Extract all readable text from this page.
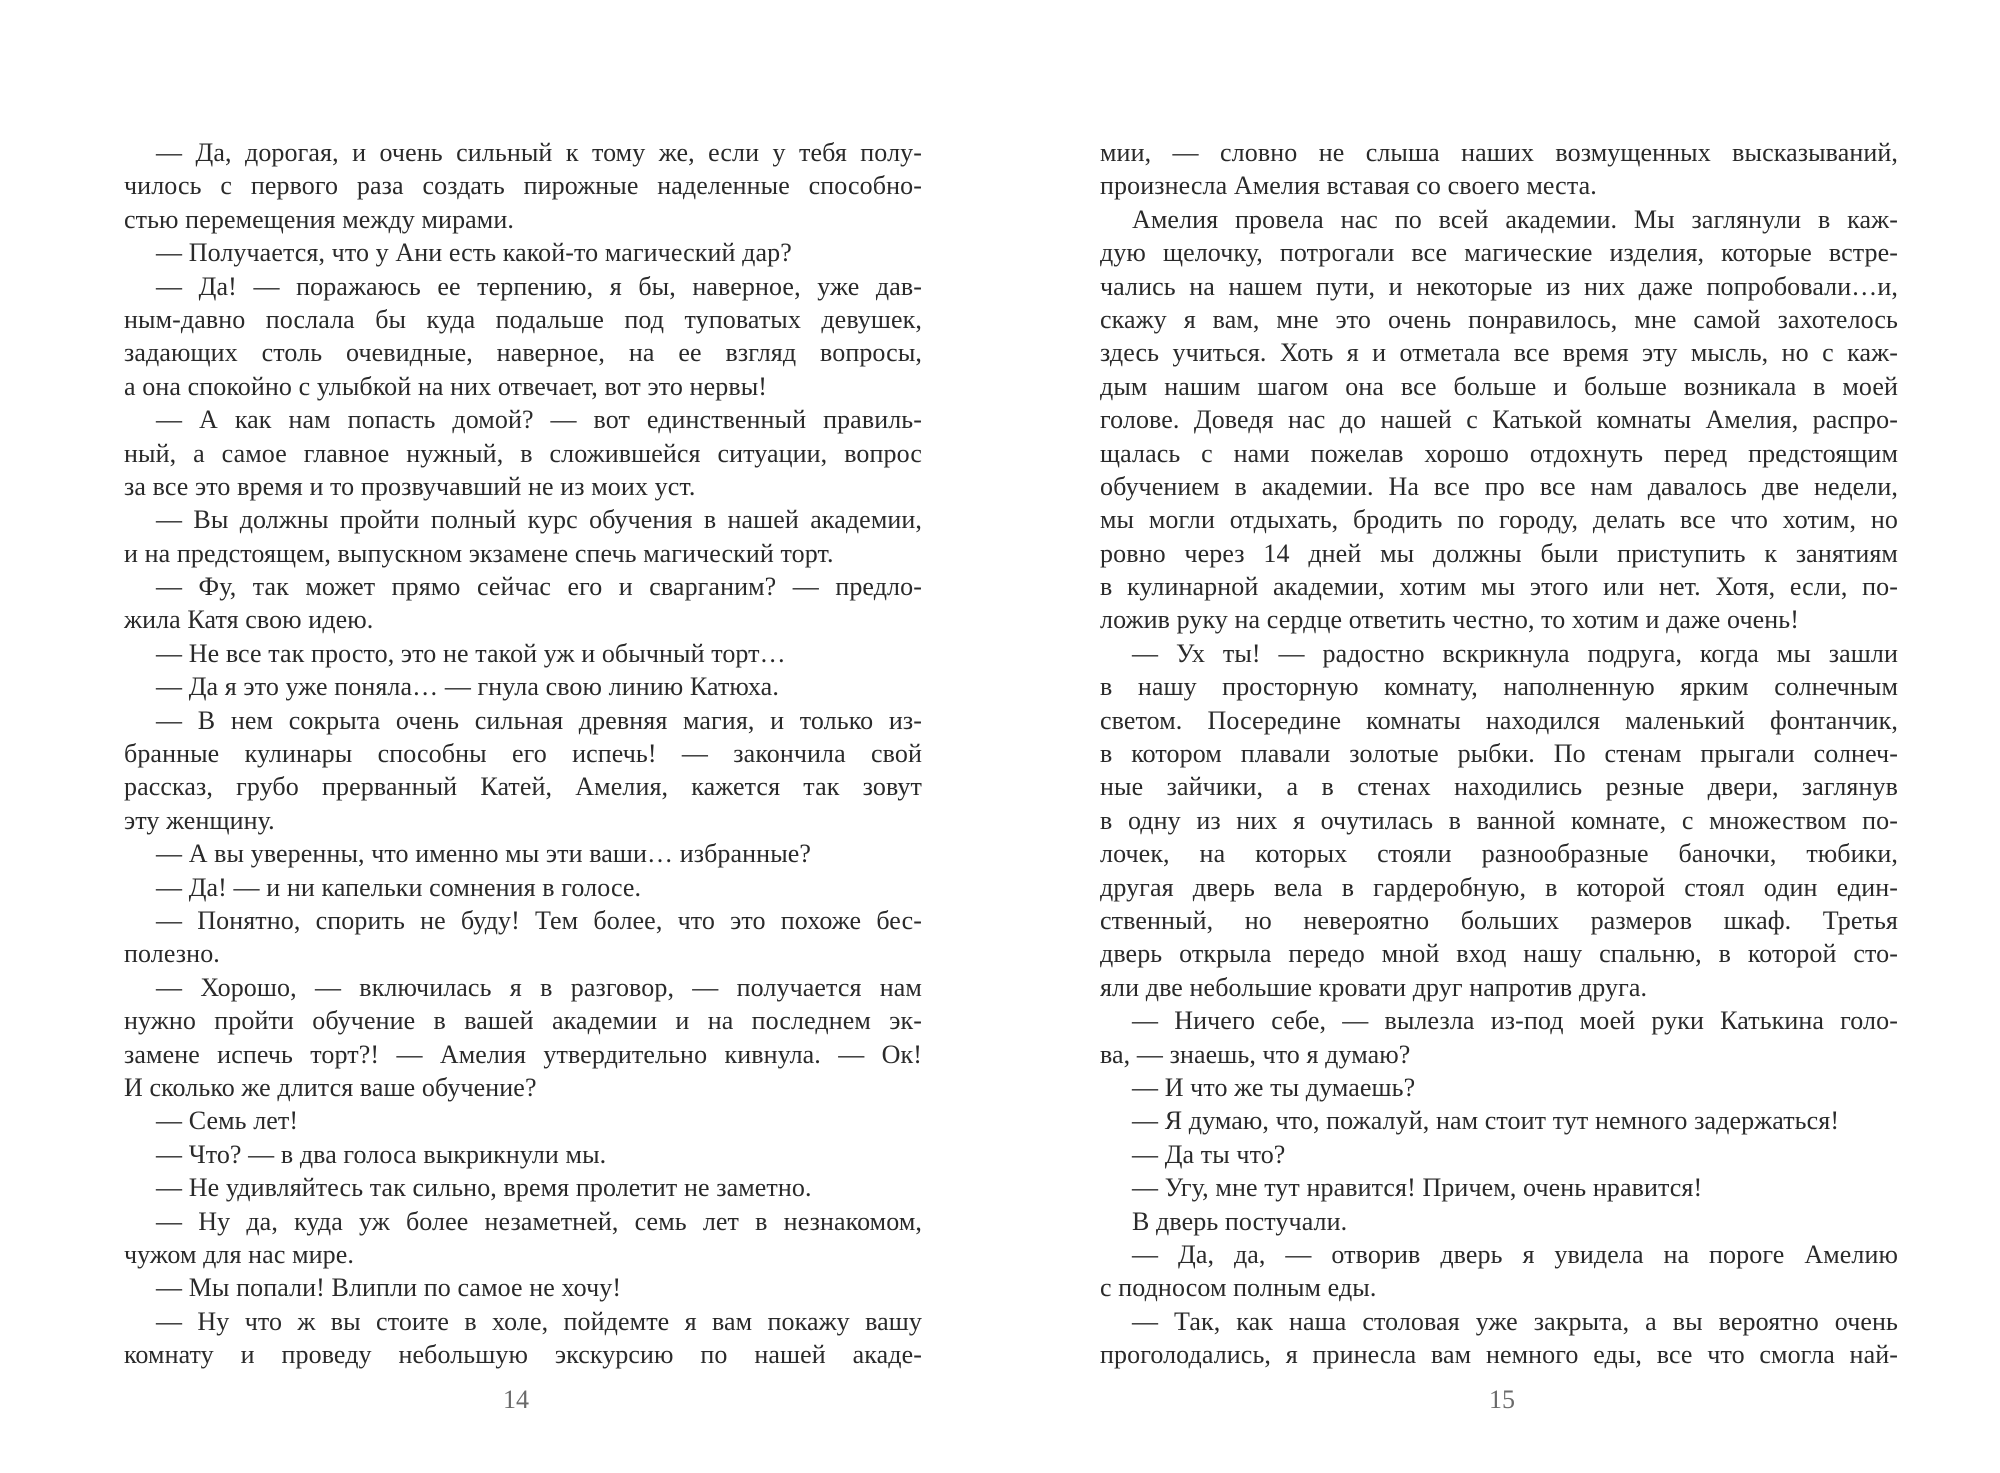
— Да, дорогая, и очень сильный к тому же, если у тебя полу-
чилось с первого раза создать пирожные наделенные способно-
стью перемещения между мирами.
— Получается, что у Ани есть какой-то магический дар?
— Да! — поражаюсь ее терпению, я бы, наверное, уже дав-
ным-давно послала бы куда подальше под туповатых девушек,
задающих столь очевидные, наверное, на ее взгляд вопросы,
а она спокойно с улыбкой на них отвечает, вот это нервы!
— А как нам попасть домой? — вот единственный правиль-
ный, а самое главное нужный, в сложившейся ситуации, вопрос
за все это время и то прозвучавший не из моих уст.
— Вы должны пройти полный курс обучения в нашей академии,
и на предстоящем, выпускном экзамене спечь магический торт.
— Фу, так может прямо сейчас его и сварганим? — предло-
жила Катя свою идею.
— Не все так просто, это не такой уж и обычный торт…
— Да я это уже поняла… — гнула свою линию Катюха.
— В нем сокрыта очень сильная древняя магия, и только из-
бранные кулинары способны его испечь! — закончила свой
рассказ, грубо прерванный Катей, Амелия, кажется так зовут
эту женщину.
— А вы уверенны, что именно мы эти ваши… избранные?
— Да! — и ни капельки сомнения в голосе.
— Понятно, спорить не буду! Тем более, что это похоже бес-
полезно.
— Хорошо, — включилась я в разговор, — получается нам
нужно пройти обучение в вашей академии и на последнем эк-
замене испечь торт?! — Амелия утвердительно кивнула. — Ок!
И сколько же длится ваше обучение?
— Семь лет!
— Что? — в два голоса выкрикнули мы.
— Не удивляйтесь так сильно, время пролетит не заметно.
— Ну да, куда уж более незаметней, семь лет в незнакомом,
чужом для нас мире.
— Мы попали! Влипли по самое не хочу!
— Ну что ж вы стоите в холе, пойдемте я вам покажу вашу
комнату и проведу небольшую экскурсию по нашей акаде-
14
мии, — словно не слыша наших возмущенных высказываний,
произнесла Амелия вставая со своего места.
Амелия провела нас по всей академии. Мы заглянули в каж-
дую щелочку, потрогали все магические изделия, которые встре-
чались на нашем пути, и некоторые из них даже попробовали…и,
скажу я вам, мне это очень понравилось, мне самой захотелось
здесь учиться. Хоть я и отметала все время эту мысль, но с каж-
дым нашим шагом она все больше и больше возникала в моей
голове. Доведя нас до нашей с Катькой комнаты Амелия, распро-
щалась с нами пожелав хорошо отдохнуть перед предстоящим
обучением в академии. На все про все нам давалось две недели,
мы могли отдыхать, бродить по городу, делать все что хотим, но
ровно через 14 дней мы должны были приступить к занятиям
в кулинарной академии, хотим мы этого или нет. Хотя, если, по-
ложив руку на сердце ответить честно, то хотим и даже очень!
— Ух ты! — радостно вскрикнула подруга, когда мы зашли
в нашу просторную комнату, наполненную ярким солнечным
светом. Посередине комнаты находился маленький фонтанчик,
в котором плавали золотые рыбки. По стенам прыгали солнеч-
ные зайчики, а в стенах находились резные двери, заглянув
в одну из них я очутилась в ванной комнате, с множеством по-
лочек, на которых стояли разнообразные баночки, тюбики,
другая дверь вела в гардеробную, в которой стоял один един-
ственный, но невероятно больших размеров шкаф. Третья
дверь открыла передо мной вход нашу спальню, в которой сто-
яли две небольшие кровати друг напротив друга.
— Ничего себе, — вылезла из-под моей руки Катькина голо-
ва, — знаешь, что я думаю?
— И что же ты думаешь?
— Я думаю, что, пожалуй, нам стоит тут немного задержаться!
— Да ты что?
— Угу, мне тут нравится! Причем, очень нравится!
В дверь постучали.
— Да, да, — отворив дверь я увидела на пороге Амелию
с подносом полным еды.
— Так, как наша столовая уже закрыта, а вы вероятно очень
проголодались, я принесла вам немного еды, все что смогла най-
15
